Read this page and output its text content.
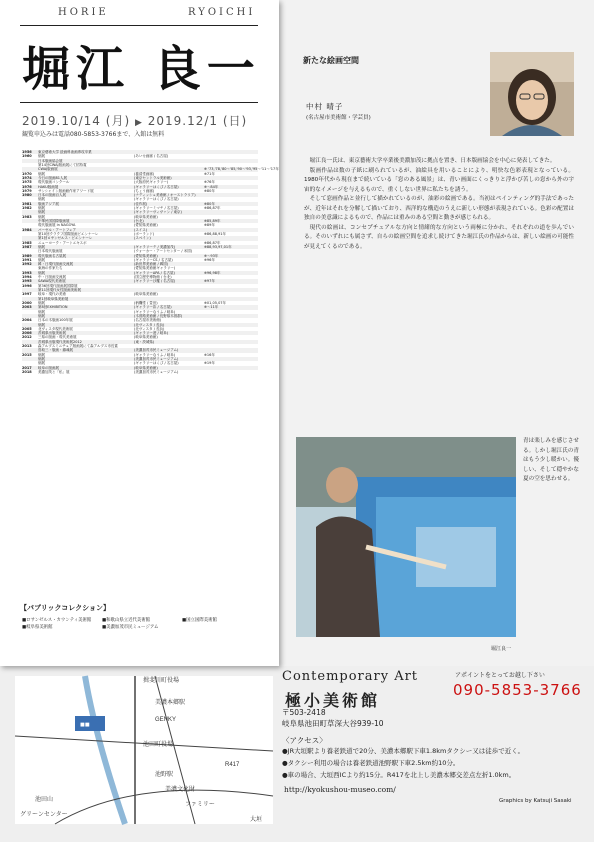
HORIE	RYOICHI
堀江 良一
2019.10/14 (月) ▶ 2019.12/1 (日)
観覧申込みは電話080-5853-3766まで、入館は無料
1956	東京藝術大学 絵画科油画専攻卒業
1960	個展	(あいせ画廊 / 名古屋)
日本版画協会展
第14回CWAJ版画展にて招待賞
CWAJ版画展	※ '73,'78,'80〜'85,'90〜'93,'95〜'11〜'17年
1970	個展	(養清堂画廊)	※71年
1974	今日の版画81人展	(東京セントラル美術館)
1975	現代版画コンクール	(大阪府民ギャラリー)	※76年
1976	HAKU版画展	(ギャラリーはくび / 名古屋)	※〜84年
1979	サンシャイン版画館作家アワード展	(ちょう画廊)	※80年
1980	日本の版画百人展	(ナディッシュ美術館 / オーストラリア)
個展	(ギャラリーはくび / 名古屋)
1981	版画アジア展	(佳作展)	※80年
1982	個展	(ギャラリーミマチ / 名古屋)	※86,87年
個展	(ギャラリーヴィヴァン / 東京)
1983	個展	(岐阜県美術館)
中華民国国際版画展	(台北)	※85,89年
現代版画展 in NAGOYA	(愛知県美術館)	※89年
1984	バーゼル・アートフェア	(スイス)
第10回クラクフ国際版画ビエンナーレ	(ポーランド)	※86,88,91年
第1回ロサンゼルス・ビエンナーレ	(スペイン)
1985	ニューヨーク・アートエキスポ	※86,87年
1987	個展	(ギャラリーテ / 美濃加茂)	※88,93,97,01年
日本現代版画展	(ウォーカー・アートセンター / 米国)
1989	現代版画名古屋展	(愛知県美術館)	※〜93年
1991	個展	(ギャラリーCS / 名古屋)	※96年
1992	韓・日現代版画交流展	(新世界美術館 / 韓国)
東海の作家たち	(愛知県美術館ギャラリー)
1993	個展	(ギャラリーAPA / 名古屋)	※96,98年
1994	中・日版画交流展	(国立歴史博物館 / 台北)
1995	SAWA現代美術展	(ギャラリー沙羅 / 名古屋)	※97年
1996	第36回現代版画展国際展
第11回現代女性版画美術展
1997	岐阜・現代の美術	(岐阜県美術館)
第1回岐阜県美術展
2000	個展	(柄欄堂 / 豊田)	※01,05,07年
2003	第8回EXHIBITION	(ギャラリー彩 / 名古屋)	※〜11年
個展	(ギャラリーなうふ / 岐阜)
個展	(木曽路美術館 / 長野県木曽郡)
2004	日本の木版画100年展	(名古屋市美術館)
個展	(北ヴィスタ / 長浜)
2005	北ヴィスタ現代美術展	(北ヴィスタ / 長浜)
2006	茨城県出版美術展	(ギャラリー遊 / 岐阜)
2012	三県の版画・現代美術展	(岐阜県美術館)
茨城県出版現代美術展2012	(東・茨城県)
2013	森アルプスミニチュア版画展にて森アルプス市長賞
鳥取三・版画・鎮魂展	(美濃加茂市民ミュージアム)
2015	個展	(ギャラリーなうふ / 岐阜)	※16年
個展	(美濃加茂市民ミュージアム)
個展	(ギャラリーはくび / 名古屋)	※19年
2017	岐阜の版画展	(岐阜県美術館)
2018	美濃加茂と「私」展	(美濃加茂市民ミュージアム)
【パブリックコレクション】
■ロサンゼルス・カウンティ美術館	■和歌山県立近代美術館	■国立国際美術館
■岐阜県美術館	■美濃加茂市民ミュージアム
新たな絵画空間
中村 晴子
(名古屋市美術館・学芸員)

堀江良一氏は、東京藝術大学卒業後美濃加茂に拠点を置き、日本版画協会を中心に発表してきた。

版画作品は数の子紙に刷られているが、油絵具を用いることにより、明快な色彩表現となっている。1980年代から現在まで続いている「窓のある風景」は、青い画面にくっきりと浮かび苦しの窓から外の宇宙的なイメージを与えるもので、重くしない世界に私たちを誘う。

そして窓画作品と並行して描かれているのが、油彩の絵画である。当初はペインティング的手法であったが、近年はそれを分解して描いており、西洋的な構造のうえに新しい形態が表現されている。色彩の配置は独自の美意識によるもので、作品には重みのある空間と動きが感じられる。

現代の絵画は、コンセプチュアルな方向と情緒的な方向という両極に分かれ、それぞれの道を歩んでいる。そのいずれにも属さず、自らの絵画空間を追求し続けてきた堀江氏の作品からは、新しい絵画の可能性が見えてくるのである。

青は楽しみを感じさせる。しかし堀江氏の青はもう少し暖かい。優しい、そして穏やかな夏の空を思わせる。
堀江良一
■■
揖斐川町役場
美濃本郷駅
GENKY
池田町役場
池野駅
417
R417
池田山
グリーンセンター
ファミリー
美濃文化財
大垣
Contemporary Art
極小美術館
アポイントをとってお越し下さい
090-5853-3766
〒503-2418
岐阜県池田町草深大谷939-10
〈アクセス〉
●JR大垣駅より養老鉄道で20分、美濃本郷駅下車1.8kmタクシー又は徒歩で近く。
●タクシー利用の場合は養老鉄道池野駅下車2.5km約10分。
●車の場合、大垣西ICより約15分。R417を北上し美濃本郷交差点左折1.0km。
http://kyokushou-museo.com/
Graphics by Katsuji Sasaki
